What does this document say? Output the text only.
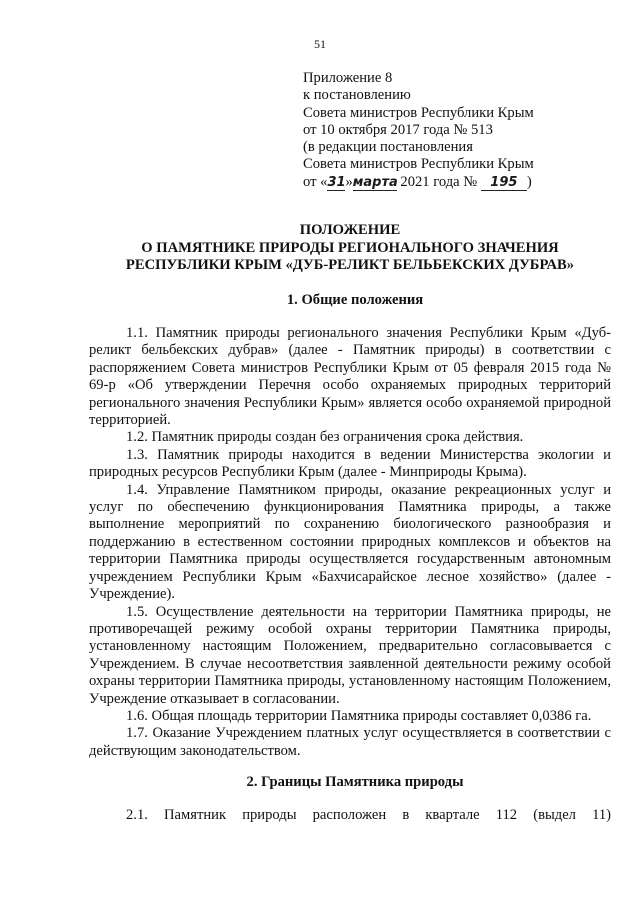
51
Приложение 8
к постановлению
Совета министров Республики Крым
от 10 октября 2017 года № 513
(в редакции постановления
Совета министров Республики Крым
от «31»марта 2021 года № 195 )
ПОЛОЖЕНИЕ
О ПАМЯТНИКЕ ПРИРОДЫ РЕГИОНАЛЬНОГО ЗНАЧЕНИЯ
РЕСПУБЛИКИ КРЫМ «ДУБ-РЕЛИКТ БЕЛЬБЕКСКИХ ДУБРАВ»
1. Общие положения

1.1. Памятник природы регионального значения Республики Крым «Дуб-реликт бельбекских дубрав» (далее - Памятник природы) в соответствии с распоряжением Совета министров Республики Крым от 05 февраля 2015 года № 69-р «Об утверждении Перечня особо охраняемых природных территорий регионального значения Республики Крым» является особо охраняемой природной территорией.

1.2. Памятник природы создан без ограничения срока действия.

1.3. Памятник природы находится в ведении Министерства экологии и природных ресурсов Республики Крым (далее - Минприроды Крыма).

1.4. Управление Памятником природы, оказание рекреационных услуг и услуг по обеспечению функционирования Памятника природы, а также выполнение мероприятий по сохранению биологического разнообразия и поддержанию в естественном состоянии природных комплексов и объектов на территории Памятника природы осуществляется государственным автономным учреждением Республики Крым «Бахчисарайское лесное хозяйство» (далее - Учреждение).

1.5. Осуществление деятельности на территории Памятника природы, не противоречащей режиму особой охраны территории Памятника природы, установленному настоящим Положением, предварительно согласовывается с Учреждением. В случае несоответствия заявленной деятельности режиму особой охраны территории Памятника природы, установленному настоящим Положением, Учреждение отказывает в согласовании.

1.6. Общая площадь территории Памятника природы составляет 0,0386 га.

1.7. Оказание Учреждением платных услуг осуществляется в соответствии с действующим законодательством.

2. Границы Памятника природы
2.1. Памятник природы расположен в квартале 112 (выдел 11)
